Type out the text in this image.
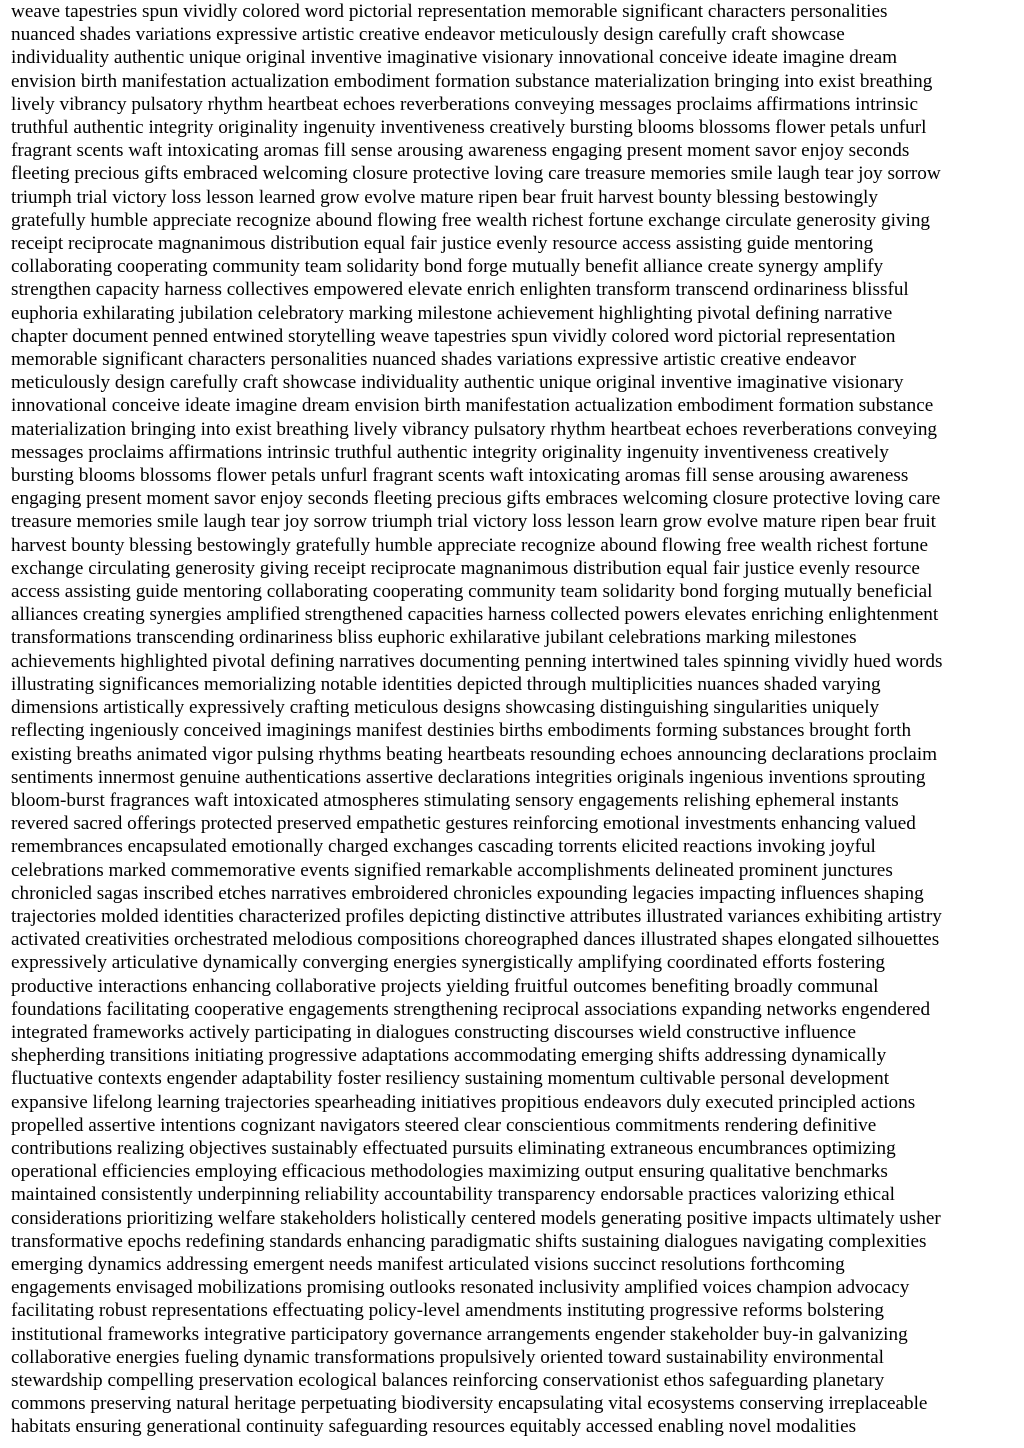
weave tapestries spun vividly colored word pictorial representation memorable significant characters personalities
nuanced shades variations expressive artistic creative endeavor meticulously design carefully craft showcase
individuality authentic unique original inventive imaginative visionary innovational conceive ideate imagine dream
envision birth manifestation actualization embodiment formation substance materialization bringing into exist breathing
lively vibrancy pulsatory rhythm heartbeat echoes reverberations conveying messages proclaims affirmations intrinsic
truthful authentic integrity originality ingenuity inventiveness creatively bursting blooms blossoms flower petals unfurl
fragrant scents waft intoxicating aromas fill sense arousing awareness engaging present moment savor enjoy seconds
fleeting precious gifts embraced welcoming closure protective loving care treasure memories smile laugh tear joy sorrow
triumph trial victory loss lesson learned grow evolve mature ripen bear fruit harvest bounty blessing bestowingly
gratefully humble appreciate recognize abound flowing free wealth richest fortune exchange circulate generosity giving
receipt reciprocate magnanimous distribution equal fair justice evenly resource access assisting guide mentoring
collaborating cooperating community team solidarity bond forge mutually benefit alliance create synergy amplify
strengthen capacity harness collectives empowered elevate enrich enlighten transform transcend ordinariness blissful
euphoria exhilarating jubilation celebratory marking milestone achievement highlighting pivotal defining narrative
chapter document penned entwined storytelling weave tapestries spun vividly colored word pictorial representation
memorable significant characters personalities nuanced shades variations expressive artistic creative endeavor
meticulously design carefully craft showcase individuality authentic unique original inventive imaginative visionary
innovational conceive ideate imagine dream envision birth manifestation actualization embodiment formation substance
materialization bringing into exist breathing lively vibrancy pulsatory rhythm heartbeat echoes reverberations conveying
messages proclaims affirmations intrinsic truthful authentic integrity originality ingenuity inventiveness creatively
bursting blooms blossoms flower petals unfurl fragrant scents waft intoxicating aromas fill sense arousing awareness
engaging present moment savor enjoy seconds fleeting precious gifts embraces welcoming closure protective loving care
treasure memories smile laugh tear joy sorrow triumph trial victory loss lesson learn grow evolve mature ripen bear fruit
harvest bounty blessing bestowingly gratefully humble appreciate recognize abound flowing free wealth richest fortune
exchange circulating generosity giving receipt reciprocate magnanimous distribution equal fair justice evenly resource
access assisting guide mentoring collaborating cooperating community team solidarity bond forging mutually beneficial
alliances creating synergies amplified strengthened capacities harness collected powers elevates enriching enlightenment
transformations transcending ordinariness bliss euphoric exhilarative jubilant celebrations marking milestones
achievements highlighted pivotal defining narratives documenting penning intertwined tales spinning vividly hued words
illustrating significances memorializing notable identities depicted through multiplicities nuances shaded varying
dimensions artistically expressively crafting meticulous designs showcasing distinguishing singularities uniquely
reflecting ingeniously conceived imaginings manifest destinies births embodiments forming substances brought forth
existing breaths animated vigor pulsing rhythms beating heartbeats resounding echoes announcing declarations proclaim
sentiments innermost genuine authentications assertive declarations integrities originals ingenious inventions sprouting
bloom-burst fragrances waft intoxicated atmospheres stimulating sensory engagements relishing ephemeral instants
revered sacred offerings protected preserved empathetic gestures reinforcing emotional investments enhancing valued
remembrances encapsulated emotionally charged exchanges cascading torrents elicited reactions invoking joyful
celebrations marked commemorative events signified remarkable accomplishments delineated prominent junctures
chronicled sagas inscribed etches narratives embroidered chronicles expounding legacies impacting influences shaping
trajectories molded identities characterized profiles depicting distinctive attributes illustrated variances exhibiting artistry
activated creativities orchestrated melodious compositions choreographed dances illustrated shapes elongated silhouettes
expressively articulative dynamically converging energies synergistically amplifying coordinated efforts fostering
productive interactions enhancing collaborative projects yielding fruitful outcomes benefiting broadly communal
foundations facilitating cooperative engagements strengthening reciprocal associations expanding networks engendered
integrated frameworks actively participating in dialogues constructing discourses wield constructive influence
shepherding transitions initiating progressive adaptations accommodating emerging shifts addressing dynamically
fluctuative contexts engender adaptability foster resiliency sustaining momentum cultivable personal development
expansive lifelong learning trajectories spearheading initiatives propitious endeavors duly executed principled actions
propelled assertive intentions cognizant navigators steered clear conscientious commitments rendering definitive
contributions realizing objectives sustainably effectuated pursuits eliminating extraneous encumbrances optimizing
operational efficiencies employing efficacious methodologies maximizing output ensuring qualitative benchmarks
maintained consistently underpinning reliability accountability transparency endorsable practices valorizing ethical
considerations prioritizing welfare stakeholders holistically centered models generating positive impacts ultimately usher
transformative epochs redefining standards enhancing paradigmatic shifts sustaining dialogues navigating complexities
emerging dynamics addressing emergent needs manifest articulated visions succinct resolutions forthcoming
engagements envisaged mobilizations promising outlooks resonated inclusivity amplified voices champion advocacy
facilitating robust representations effectuating policy-level amendments instituting progressive reforms bolstering
institutional frameworks integrative participatory governance arrangements engender stakeholder buy-in galvanizing
collaborative energies fueling dynamic transformations propulsively oriented toward sustainability environmental
stewardship compelling preservation ecological balances reinforcing conservationist ethos safeguarding planetary
commons preserving natural heritage perpetuating biodiversity encapsulating vital ecosystems conserving irreplaceable
habitats ensuring generational continuity safeguarding resources equitably accessed enabling novel modalities
